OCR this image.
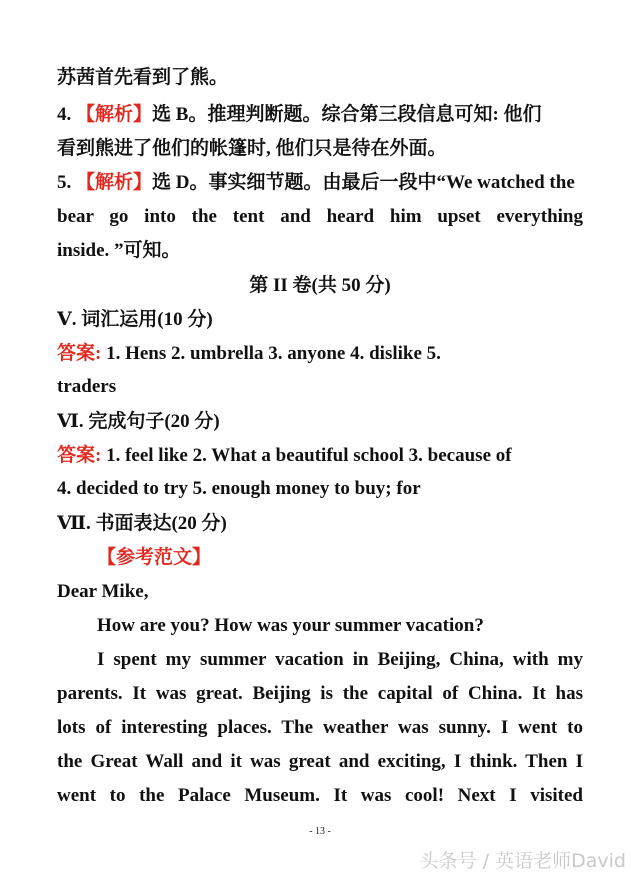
苏茜首先看到了熊。
4. 【解析】选 B。推理判断题。综合第三段信息可知: 他们
看到熊进了他们的帐篷时, 他们只是待在外面。
5. 【解析】选 D。事实细节题。由最后一段中“We watched the
bear go into the tent and heard him upset everything
inside. ”可知。
第 II 卷(共 50 分)
Ⅴ. 词汇运用(10 分)
答案: 1. Hens 2. umbrella 3. anyone 4. dislike 5.
traders
Ⅵ. 完成句子(20 分)
答案: 1. feel like 2. What a beautiful school 3. because of
4. decided to try 5. enough money to buy; for
Ⅶ. 书面表达(20 分)
【参考范文】
Dear Mike,
How are you? How was your summer vacation?
I spent my summer vacation in Beijing, China, with my
parents. It was great. Beijing is the capital of China. It has
lots of interesting places. The weather was sunny. I went to
the Great Wall and it was great and exciting, I think. Then I
went to the Palace Museum. It was cool! Next I visited
- 13 -
头条号 / 英语老师David
